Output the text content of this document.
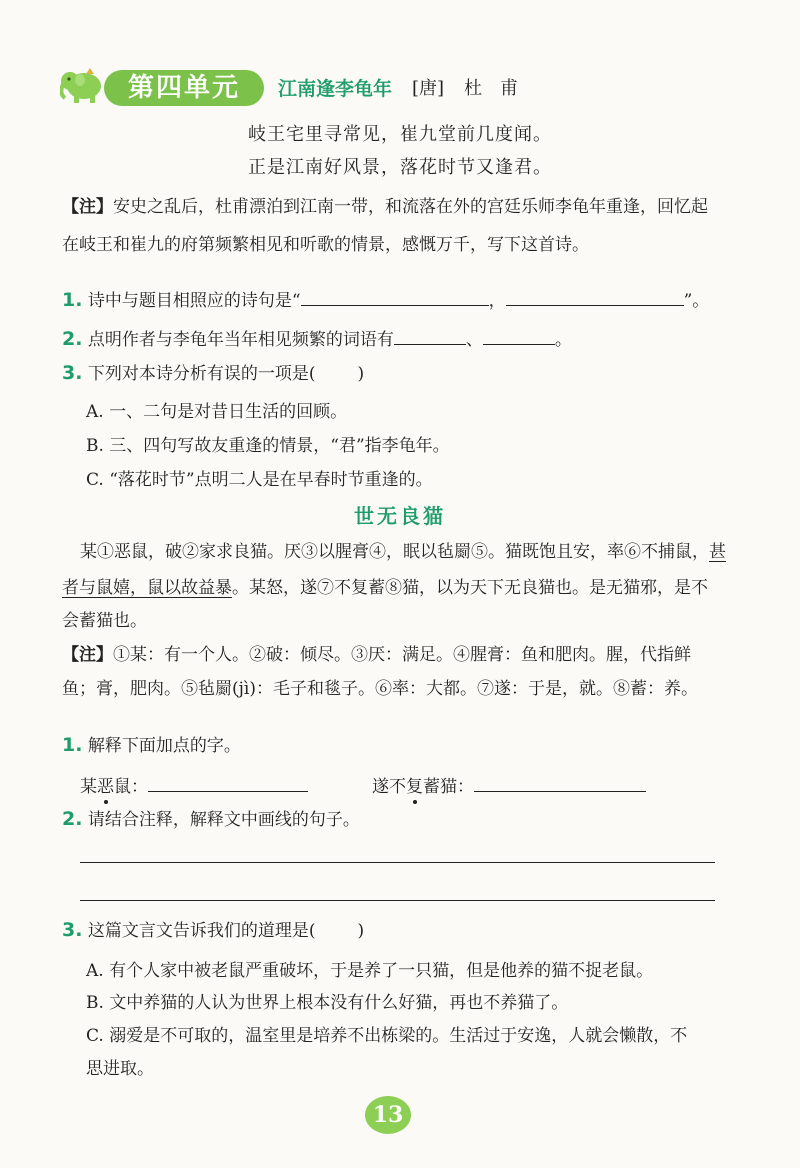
第四单元	江南逢李龟年 [唐] 杜甫
岐王宅里寻常见，崔九堂前几度闻。
正是江南好风景，落花时节又逢君。
【注】安史之乱后，杜甫漂泊到江南一带，和流落在外的宫廷乐师李龟年重逢，回忆起
在岐王和崔九的府第频繁相见和听歌的情景，感慨万千，写下这首诗。
1. 诗中与题目相照应的诗句是“	，	”。
2. 点明作者与李龟年当年相见频繁的词语有	、	。
3. 下列对本诗分析有误的一项是( )
A. 一、二句是对昔日生活的回顾。
B. 三、四句写故友重逢的情景，“君”指李龟年。
C. “落花时节”点明二人是在早春时节重逢的。
世无良猫
某①恶鼠，破②家求良猫。厌③以腥膏④，眠以毡罽⑤。猫既饱且安，率⑥不捕鼠，甚
者与鼠嬉，鼠以故益暴。某怒，遂⑦不复蓄⑧猫，以为天下无良猫也。是无猫邪，是不
会蓄猫也。
【注】①某：有一个人。②破：倾尽。③厌：满足。④腥膏：鱼和肥肉。腥，代指鲜
鱼；膏，肥肉。⑤毡罽(jì)：毛子和毯子。⑥率：大都。⑦遂：于是，就。⑧蓄：养。
1. 解释下面加点的字。
某恶鼠：	遂不复蓄猫：
2. 请结合注释，解释文中画线的句子。
3. 这篇文言文告诉我们的道理是( )
A. 有个人家中被老鼠严重破坏，于是养了一只猫，但是他养的猫不捉老鼠。
B. 文中养猫的人认为世界上根本没有什么好猫，再也不养猫了。
C. 溺爱是不可取的，温室里是培养不出栋梁的。生活过于安逸，人就会懒散，不
思进取。
13
